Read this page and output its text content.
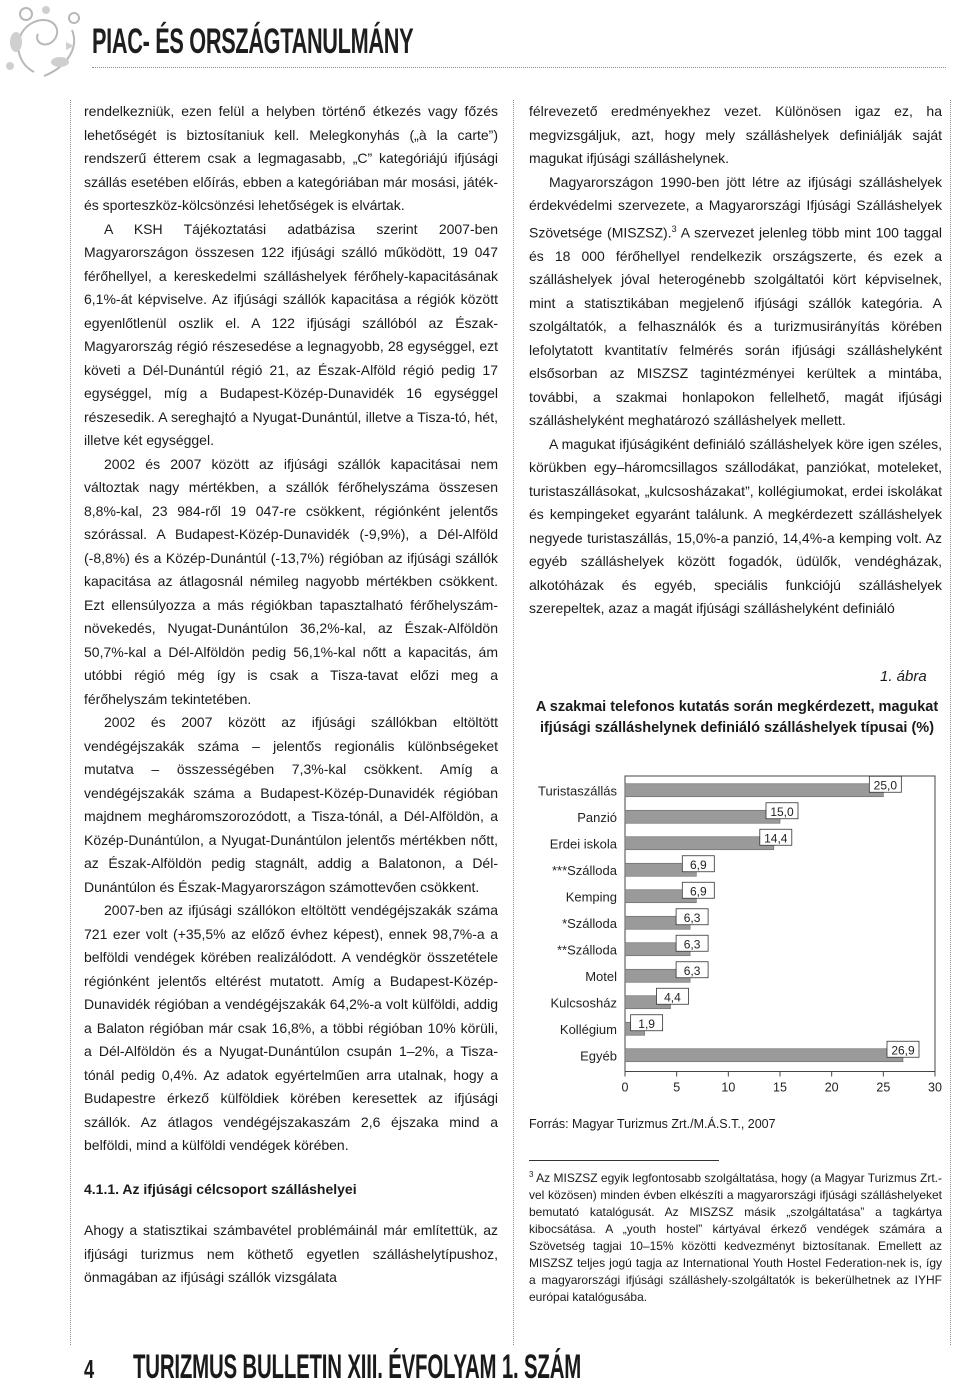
PIAC- ÉS ORSZÁGTANULMÁNY

rendelkezniük, ezen felül a helyben történő étkezés vagy főzés lehetőségét is biztosítaniuk kell. Melegkonyhás („à la carte”) rendszerű étterem csak a legmagasabb, „C” kategóriájú ifjúsági szállás esetében előírás, ebben a kategóriában már mosási, játék- és sporteszköz-kölcsönzési lehetőségek is elvártak.

A KSH Tájékoztatási adatbázisa szerint 2007-ben Magyarországon összesen 122 ifjúsági szálló működött, 19 047 férőhellyel, a kereskedelmi szálláshelyek férőhely-kapacitásának 6,1%-át képviselve. Az ifjúsági szállók kapacitása a régiók között egyenlőtlenül oszlik el. A 122 ifjúsági szállóból az Észak-Magyarország régió részesedése a legnagyobb, 28 egységgel, ezt követi a Dél-Dunántúl régió 21, az Észak-Alföld régió pedig 17 egységgel, míg a Budapest-Közép-Dunavidék 16 egységgel részesedik. A sereghajtó a Nyugat-Dunántúl, illetve a Tisza-tó, hét, illetve két egységgel.

2002 és 2007 között az ifjúsági szállók kapacitásai nem változtak nagy mértékben, a szállók férőhelyszáma összesen 8,8%-kal, 23 984-ről 19 047-re csökkent, régiónként jelentős szórással. A Budapest-Közép-Dunavidék (-9,9%), a Dél-Alföld (-8,8%) és a Közép-Dunántúl (-13,7%) régióban az ifjúsági szállók kapacitása az átlagosnál némileg nagyobb mértékben csökkent. Ezt ellensúlyozza a más régiókban tapasztalható férőhelyszám-növekedés, Nyugat-Dunántúlon 36,2%-kal, az Észak-Alföldön 50,7%-kal a Dél-Alföldön pedig 56,1%-kal nőtt a kapacitás, ám utóbbi régió még így is csak a Tisza-tavat előzi meg a férőhelyszám tekintetében.

2002 és 2007 között az ifjúsági szállókban eltöltött vendégéjszakák száma – jelentős regionális különbségeket mutatva – összességében 7,3%-kal csökkent. Amíg a vendégéjszakák száma a Budapest-Közép-Dunavidék régióban majdnem megháromszorozódott, a Tisza-tónál, a Dél-Alföldön, a Közép-Dunántúlon, a Nyugat-Dunántúlon jelentős mértékben nőtt, az Észak-Alföldön pedig stagnált, addig a Balatonon, a Dél-Dunántúlon és Észak-Magyarországon számottevően csökkent.

2007-ben az ifjúsági szállókon eltöltött vendégéjszakák száma 721 ezer volt (+35,5% az előző évhez képest), ennek 98,7%-a a belföldi vendégek körében realizálódott. A vendégkör összetétele régiónként jelentős eltérést mutatott. Amíg a Budapest-Közép-Dunavidék régióban a vendégéjszakák 64,2%-a volt külföldi, addig a Balaton régióban már csak 16,8%, a többi régióban 10% körüli, a Dél-Alföldön és a Nyugat-Dunántúlon csupán 1–2%, a Tisza-tónál pedig 0,4%. Az adatok egyértelműen arra utalnak, hogy a Budapestre érkező külföldiek körében keresettek az ifjúsági szállók. Az átlagos vendégéjszakaszám 2,6 éjszaka mind a belföldi, mind a külföldi vendégek körében.

4.1.1. Az ifjúsági célcsoport szálláshelyei

Ahogy a statisztikai számbavétel problémáinál már említettük, az ifjúsági turizmus nem köthető egyetlen szálláshelytípushoz, önmagában az ifjúsági szállók vizsgálata

félrevezető eredményekhez vezet. Különösen igaz ez, ha megvizsgáljuk, azt, hogy mely szálláshelyek definiálják saját magukat ifjúsági szálláshelynek.

Magyarországon 1990-ben jött létre az ifjúsági szálláshelyek érdekvédelmi szervezete, a Magyarországi Ifjúsági Szálláshelyek Szövetsége (MISZSZ).$^3$ A szervezet jelenleg több mint 100 taggal és 18 000 férőhellyel rendelkezik országszerte, és ezek a szálláshelyek jóval heterogénebb szolgáltatói kört képviselnek, mint a statisztikában megjelenő ifjúsági szállók kategória. A szolgáltatók, a felhasználók és a turizmusirányítás körében lefolytatott kvantitatív felmérés során ifjúsági szálláshelyként elsősorban az MISZSZ tagintézményei kerültek a mintába, további, a szakmai honlapokon fellelhető, magát ifjúsági szálláshelyként meghatározó szálláshelyek mellett.

A magukat ifjúságiként definiáló szálláshelyek köre igen széles, körükben egy–háromcsillagos szállodákat, panziókat, moteleket, turistaszállásokat, „kulcsosházakat”, kollégiumokat, erdei iskolákat és kempingeket egyaránt találunk. A megkérdezett szálláshelyek negyede turistaszállás, 15,0%-a panzió, 14,4%-a kemping volt. Az egyéb szálláshelyek között fogadók, üdülők, vendégházak, alkotóházak és egyéb, speciális funkciójú szálláshelyek szerepeltek, azaz a magát ifjúsági szálláshelyként definiáló

1. ábra
A szakmai telefonos kutatás során megkérdezett, magukat ifjúsági szálláshelynek definiáló szálláshelyek típusai (%)
Turistaszállás	25,0
Panzió	15,0
Erdei iskola	14,4
***Szálloda	6,9
Kemping	6,9
*Szálloda	6,3
**Szálloda	6,3
Motel	6,3
Kulcsosház	4,4
Kollégium 1,9
Egyéb	26,9
0	5	10	15	20	25	30
Forrás: Magyar Turizmus Zrt./M.Á.S.T., 2007
$^3$ Az MISZSZ egyik legfontosabb szolgáltatása, hogy (a Magyar Turizmus Zrt.-vel közösen) minden évben elkészíti a magyarországi ifjúsági szálláshelyeket bemutató katalógusát. Az MISZSZ másik „szolgáltatása” a tagkártya kibocsátása. A „youth hostel” kártyával érkező vendégek számára a Szövetség tagjai 10–15% közötti kedvezményt biztosítanak. Emellett az MISZSZ teljes jogú tagja az International Youth Hostel Federation-nek is, így a magyarországi ifjúsági szálláshely-szolgáltatók is bekerülhetnek az IYHF európai katalógusába.
4 TURIZMUS BULLETIN XIII. ÉVFOLYAM 1. SZÁM
